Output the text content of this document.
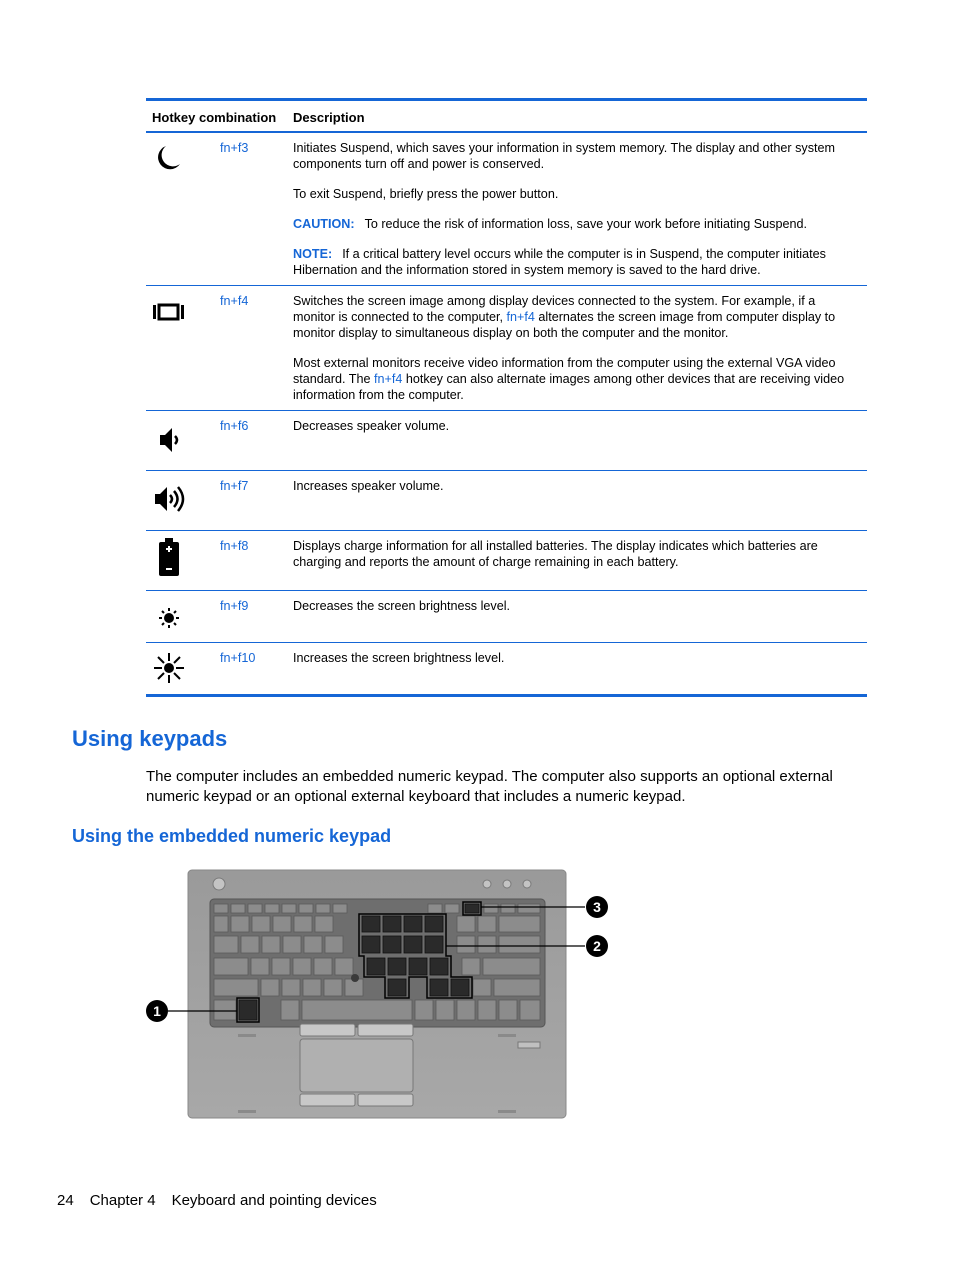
Hotkey combination Description
fn+f3	Initiates Suspend, which saves your information in system memory. The display and other system components turn off and power is conserved.

To exit Suspend, briefly press the power button.

CAUTION: To reduce the risk of information loss, save your work before initiating Suspend.

NOTE: If a critical battery level occurs while the computer is in Suspend, the computer initiates Hibernation and the information stored in system memory is saved to the hard drive.

fn+f4	Switches the screen image among display devices connected to the system. For example, if a monitor is connected to the computer, fn+f4 alternates the screen image from computer display to monitor display to simultaneous display on both the computer and the monitor.

Most external monitors receive video information from the computer using the external VGA video standard. The fn+f4 hotkey can also alternate images among other devices that are receiving video information from the computer.

fn+f6	Decreases speaker volume.

fn+f7	Increases speaker volume.

fn+f8	Displays charge information for all installed batteries. The display indicates which batteries are charging and reports the amount of charge remaining in each battery.

fn+f9	Decreases the screen brightness level.

fn+f10	Increases the screen brightness level.

Using keypads

The computer includes an embedded numeric keypad. The computer also supports an optional external numeric keypad or an optional external keyboard that includes a numeric keypad.

Using the embedded numeric keypad
1
2
3
24 Chapter 4 Keyboard and pointing devices
